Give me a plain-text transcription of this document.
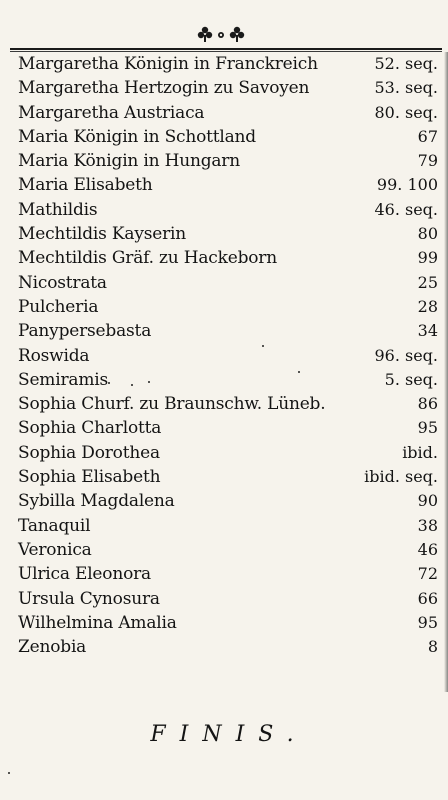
Margaretha Königin in Franckreich	52. seq.
Margaretha Hertzogin zu Savoyen	53. seq.
Margaretha Austriaca	80. seq.
Maria Königin in Schottland	67
Maria Königin in Hungarn	79
Maria Elisabeth	99. 100
Mathildis	46. seq.
Mechtildis Kayserin	80
Mechtildis Gräf. zu Hackeborn	99
Nicostrata	25
Pulcheria	28
Panypersebasta	34
Roswida	96. seq.
Semiramis	5. seq.
Sophia Churf. zu Braunschw. Lüneb.	86
Sophia Charlotta	95
Sophia Dorothea	ibid.
Sophia Elisabeth	ibid. seq.
Sybilla Magdalena	90
Tanaquil	38
Veronica	46
Ulrica Eleonora	72
Ursula Cynosura	66
Wilhelmina Amalia	95
Zenobia	8
FINIS.
